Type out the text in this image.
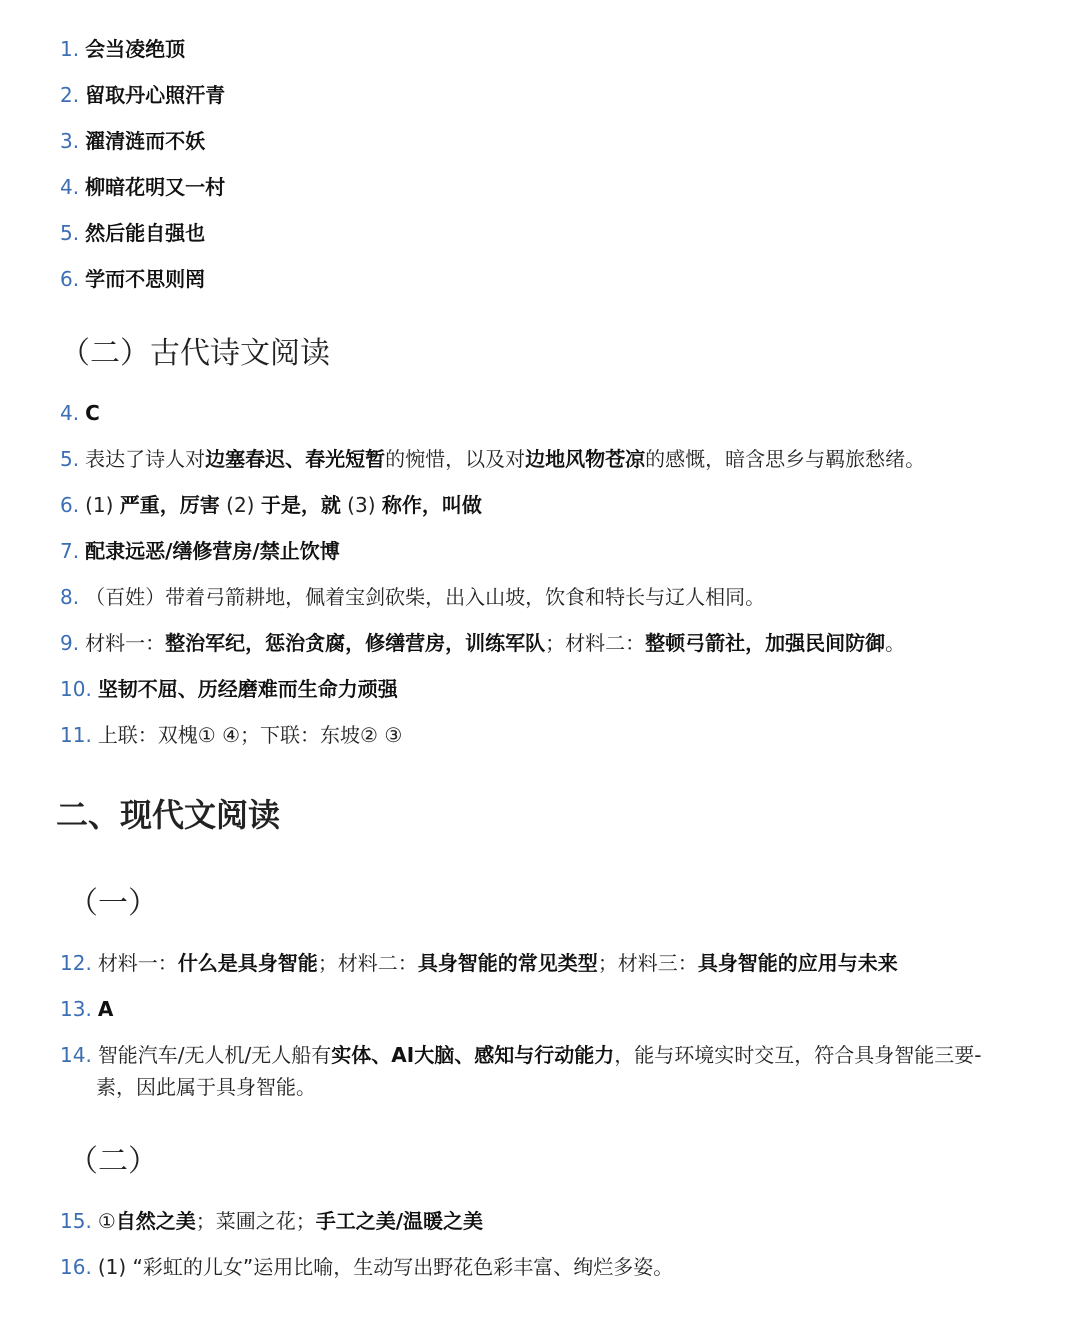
1. 会当凌绝顶
2. 留取丹心照汗青
3. 濯清涟而不妖
4. 柳暗花明又一村
5. 然后能自强也
6. 学而不思则罔
（二）古代诗文阅读
4. C
5. 表达了诗人对边塞春迟、春光短暂的惋惜，以及对边地风物苍凉的感慨，暗含思乡与羁旅愁绪。
6. (1) 严重，厉害 (2) 于是，就 (3) 称作，叫做
7. 配隶远恶/缮修营房/禁止饮博
8. （百姓）带着弓箭耕地，佩着宝剑砍柴，出入山坡，饮食和特长与辽人相同。
9. 材料一：整治军纪，惩治贪腐，修缮营房，训练军队；材料二：整顿弓箭社，加强民间防御。
10. 坚韧不屈、历经磨难而生命力顽强
11. 上联：双槐① ④；下联：东坡② ③
二、现代文阅读
（一）
12. 材料一：什么是具身智能；材料二：具身智能的常见类型；材料三：具身智能的应用与未来
13. A
14. 智能汽车/无人机/无人船有实体、AI大脑、感知与行动能力，能与环境实时交互，符合具身智能三要-
素，因此属于具身智能。
（二）
15. ①自然之美；菜圃之花；手工之美/温暖之美
16. (1) “彩虹的儿女”运用比喻，生动写出野花色彩丰富、绚烂多姿。
